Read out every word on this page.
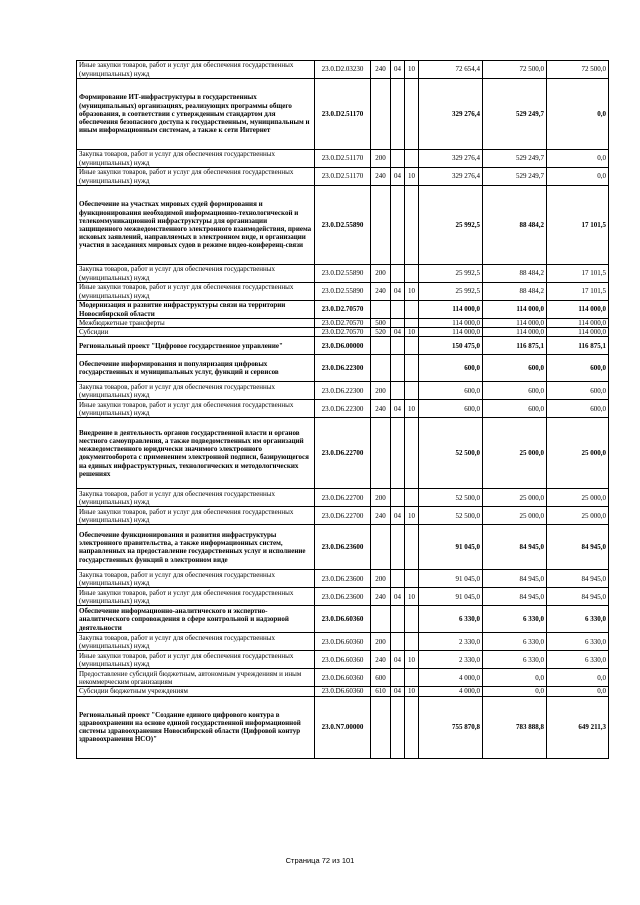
Иные закупки товаров, работ и услуг для обеспечения государственных (муниципальных) нужд	23.0.D2.03230	240	04	10	72 654,4	72 500,0	72 500,0
Формирование ИТ-инфраструктуры в государственных (муниципальных) организациях, реализующих программы общего образования, в соответствии с утвержденным стандартом для обеспечения безопасного доступа к государственным, муниципальным и иным информационным системам, а также к сети Интернет	23.0.D2.51170				329 276,4	529 249,7	0,0
Закупка товаров, работ и услуг для обеспечения государственных (муниципальных) нужд	23.0.D2.51170	200			329 276,4	529 249,7	0,0
Иные закупки товаров, работ и услуг для обеспечения государственных (муниципальных) нужд	23.0.D2.51170	240	04	10	329 276,4	529 249,7	0,0
Обеспечение на участках мировых судей формирования и функционирования необходимой информационно-технологической и телекоммуникационной инфраструктуры для организации защищенного межведомственного электронного взаимодействия, приема исковых заявлений, направляемых в электронном виде, и организации участия в заседаниях мировых судов в режиме видео-конференц-связи	23.0.D2.55890				25 992,5	88 484,2	17 101,5
Закупка товаров, работ и услуг для обеспечения государственных (муниципальных) нужд	23.0.D2.55890	200			25 992,5	88 484,2	17 101,5
Иные закупки товаров, работ и услуг для обеспечения государственных (муниципальных) нужд	23.0.D2.55890	240	04	10	25 992,5	88 484,2	17 101,5
Модернизация и развитие инфраструктуры связи на территории Новосибирской области	23.0.D2.70570				114 000,0	114 000,0	114 000,0
Межбюджетные трансферты	23.0.D2.70570	500			114 000,0	114 000,0	114 000,0
Субсидии	23.0.D2.70570	520	04	10	114 000,0	114 000,0	114 000,0
Региональный проект "Цифровое государственное управление"	23.0.D6.00000				150 475,0	116 875,1	116 875,1
Обеспечение информирования и популяризация цифровых государственных и муниципальных услуг, функций и сервисов	23.0.D6.22300				600,0	600,0	600,0
Закупка товаров, работ и услуг для обеспечения государственных (муниципальных) нужд	23.0.D6.22300	200			600,0	600,0	600,0
Иные закупки товаров, работ и услуг для обеспечения государственных (муниципальных) нужд	23.0.D6.22300	240	04	10	600,0	600,0	600,0
Внедрение в деятельность органов государственной власти и органов местного самоуправления, а также подведомственных им организаций межведомственного юридически значимого электронного документооборота с применением электронной подписи, базирующегося на единых инфраструктурных, технологических и методологических решениях	23.0.D6.22700				52 500,0	25 000,0	25 000,0
Закупка товаров, работ и услуг для обеспечения государственных (муниципальных) нужд	23.0.D6.22700	200			52 500,0	25 000,0	25 000,0
Иные закупки товаров, работ и услуг для обеспечения государственных (муниципальных) нужд	23.0.D6.22700	240	04	10	52 500,0	25 000,0	25 000,0
Обеспечение функционирования и развития инфраструктуры электронного правительства, а также информационных систем, направленных на предоставление государственных услуг и исполнение государственных функций в электронном виде	23.0.D6.23600				91 045,0	84 945,0	84 945,0
Закупка товаров, работ и услуг для обеспечения государственных (муниципальных) нужд	23.0.D6.23600	200			91 045,0	84 945,0	84 945,0
Иные закупки товаров, работ и услуг для обеспечения государственных (муниципальных) нужд	23.0.D6.23600	240	04	10	91 045,0	84 945,0	84 945,0
Обеспечение информационно-аналитического и экспертно-аналитического сопровождения в сфере контрольной и надзорной деятельности	23.0.D6.60360				6 330,0	6 330,0	6 330,0
Закупка товаров, работ и услуг для обеспечения государственных (муниципальных) нужд	23.0.D6.60360	200			2 330,0	6 330,0	6 330,0
Иные закупки товаров, работ и услуг для обеспечения государственных (муниципальных) нужд	23.0.D6.60360	240	04	10	2 330,0	6 330,0	6 330,0
Предоставление субсидий бюджетным, автономным учреждениям и иным некоммерческим организациям	23.0.D6.60360	600			4 000,0	0,0	0,0
Субсидии бюджетным учреждениям	23.0.D6.60360	610	04	10	4 000,0	0,0	0,0
Региональный проект "Создание единого цифрового контура в здравоохранении на основе единой государственной информационной системы здравоохранения Новосибирской области (Цифровой контур здравоохранения НСО)"	23.0.N7.00000				755 870,8	783 888,8	649 211,3
Страница 72 из 101
